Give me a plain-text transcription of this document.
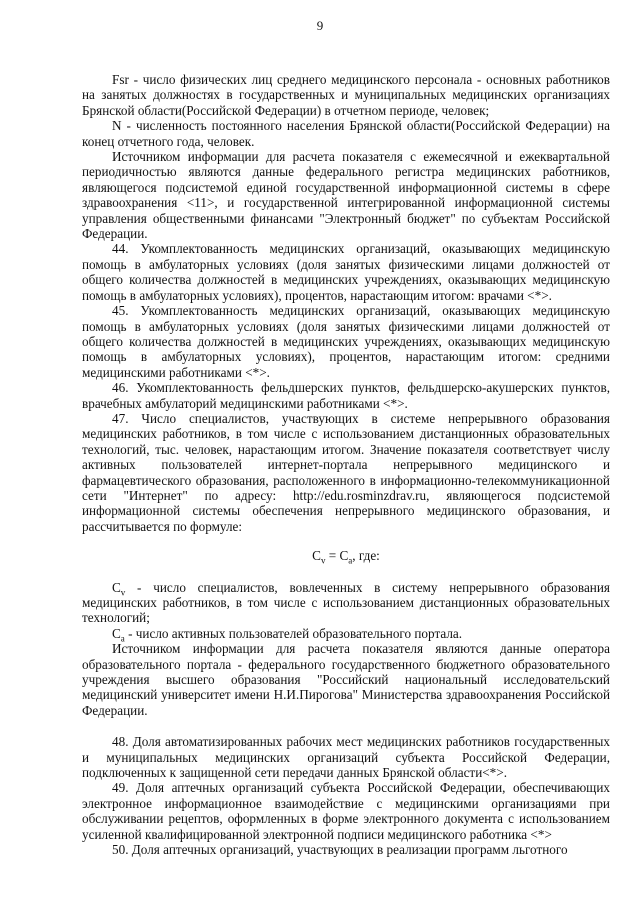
9

Fsr - число физических лиц среднего медицинского персонала - основных работников на занятых должностях в государственных и муниципальных медицинских организациях Брянской области(Российской Федерации) в отчетном периоде, человек;

N - численность постоянного населения Брянской области(Российской Федерации) на конец отчетного года, человек.

Источником информации для расчета показателя с ежемесячной и ежеквартальной периодичностью являются данные федерального регистра медицинских работников, являющегося подсистемой единой государственной информационной системы в сфере здравоохранения <11>, и государственной интегрированной информационной системы управления общественными финансами "Электронный бюджет" по субъектам Российской Федерации.

44. Укомплектованность медицинских организаций, оказывающих медицинскую помощь в амбулаторных условиях (доля занятых физическими лицами должностей от общего количества должностей в медицинских учреждениях, оказывающих медицинскую помощь в амбулаторных условиях), процентов, нарастающим итогом: врачами <*>.

45. Укомплектованность медицинских организаций, оказывающих медицинскую помощь в амбулаторных условиях (доля занятых физическими лицами должностей от общего количества должностей в медицинских учреждениях, оказывающих медицинскую помощь в амбулаторных условиях), процентов, нарастающим итогом: средними медицинскими работниками <*>.

46. Укомплектованность фельдшерских пунктов, фельдшерско-акушерских пунктов, врачебных амбулаторий медицинскими работниками <*>.

47. Число специалистов, участвующих в системе непрерывного образования медицинских работников, в том числе с использованием дистанционных образовательных технологий, тыс. человек, нарастающим итогом. Значение показателя соответствует числу активных пользователей интернет-портала непрерывного медицинского и фармацевтического образования, расположенного в информационно-телекоммуникационной сети "Интернет" по адресу: http://edu.rosminzdrav.ru, являющегося подсистемой информационной системы обеспечения непрерывного медицинского образования, и рассчитывается по формуле:

$C_v = C_a$, где:

$C_v$ - число специалистов, вовлеченных в систему непрерывного образования медицинских работников, в том числе с использованием дистанционных образовательных технологий;

$C_a$ - число активных пользователей образовательного портала.

Источником информации для расчета показателя являются данные оператора образовательного портала - федерального государственного бюджетного образовательного учреждения высшего образования "Российский национальный исследовательский медицинский университет имени Н.И.Пирогова" Министерства здравоохранения Российской Федерации.

48. Доля автоматизированных рабочих мест медицинских работников государственных и муниципальных медицинских организаций субъекта Российской Федерации, подключенных к защищенной сети передачи данных Брянской области<*>.

49. Доля аптечных организаций субъекта Российской Федерации, обеспечивающих электронное информационное взаимодействие с медицинскими организациями при обслуживании рецептов, оформленных в форме электронного документа с использованием усиленной квалифицированной электронной подписи медицинского работника <*>

50. Доля аптечных организаций, участвующих в реализации программ льготного
